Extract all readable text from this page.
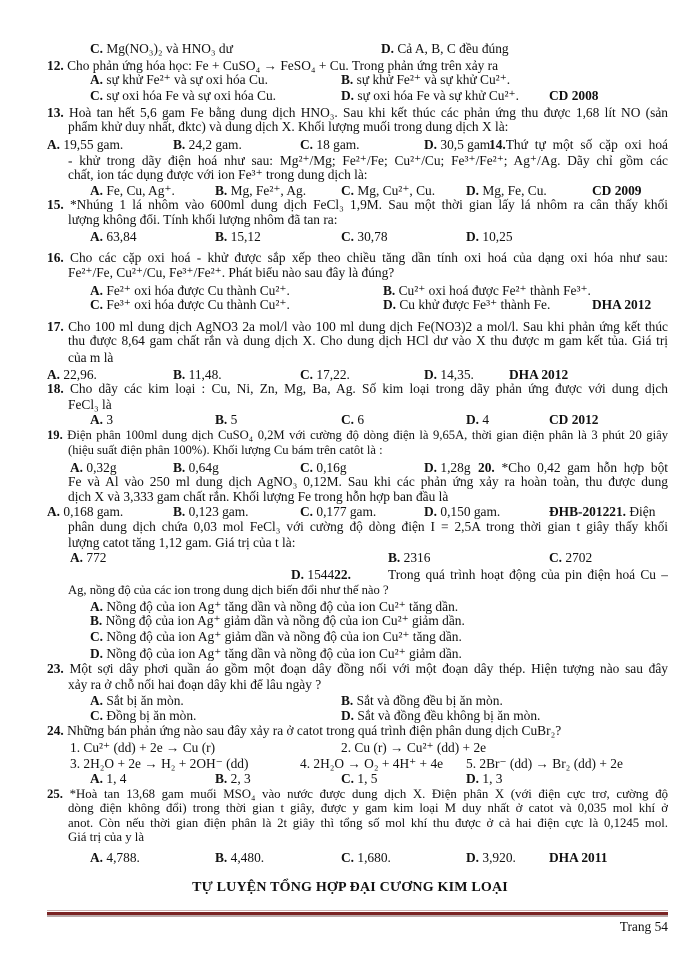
C. Mg(NO₃)₂ và HNO₃ dư	D. Cả A, B, C đều đúng
12. Cho phản ứng hóa học: Fe + CuSO₄ → FeSO₄ + Cu. Trong phản ứng trên xảy ra
A. sự khử Fe²⁺ và sự oxi hóa Cu.	B. sự khử Fe²⁺ và sự khử Cu²⁺.
C. sự oxi hóa Fe và sự oxi hóa Cu.	D. sự oxi hóa Fe và sự khử Cu²⁺. CD 2008
13. Hoà tan hết 5,6 gam Fe bằng dung dịch HNO₃. Sau khi kết thúc các phản ứng thu được 1,68 lít NO (sản
phẩm khử duy nhất, đktc) và dung dịch X. Khối lượng muối trong dung dịch X là:
A. 19,55 gam.	B. 24,2 gam.	C. 18 gam.	D. 30,5 gam
14.Thứ tự một số cặp oxi hoá
- khử trong dãy điện hoá như sau: Mg²⁺/Mg; Fe²⁺/Fe; Cu²⁺/Cu; Fe³⁺/Fe²⁺; Ag⁺/Ag. Dãy chỉ gồm các
chất, ion tác dụng được với ion Fe³⁺ trong dung dịch là:
A. Fe, Cu, Ag⁺.	B. Mg, Fe²⁺, Ag.	C. Mg, Cu²⁺, Cu. D. Mg, Fe, Cu.	CD 2009
15. *Nhúng 1 lá nhôm vào 600ml dung dịch FeCl₃ 1,9M. Sau một thời gian lấy lá nhôm ra cân thấy khối
lượng không đổi. Tính khối lượng nhôm đã tan ra:
A. 63,84	B. 15,12	C. 30,78	D. 10,25
16. Cho các cặp oxi hoá - khử được sắp xếp theo chiều tăng dần tính oxi hoá của dạng oxi hóa như sau:
Fe²⁺/Fe, Cu²⁺/Cu, Fe³⁺/Fe²⁺. Phát biểu nào sau đây là đúng?
A. Fe²⁺ oxi hóa được Cu thành Cu²⁺.	B. Cu²⁺ oxi hoá được Fe²⁺ thành Fe³⁺.
C. Fe³⁺ oxi hóa được Cu thành Cu²⁺.	D. Cu khử được Fe³⁺ thành Fe.	DHA 2012
17. Cho 100 ml dung dịch AgNO3 2a mol/l vào 100 ml dung dịch Fe(NO3)2 a mol/l. Sau khi phản ứng kết thúc
thu được 8,64 gam chất rắn và dung dịch X. Cho dung dịch HCl dư vào X thu được m gam kết tủa. Giá trị
của m là
A. 22,96.	B. 11,48.	C. 17,22.	D. 14,35.	DHA 2012
18. Cho dãy các kim loại : Cu, Ni, Zn, Mg, Ba, Ag. Số kim loại trong dãy phản ứng được với dung dịch
FeCl₃ là
A. 3	B. 5	C. 6	D. 4	CD 2012
19. Điện phân 100ml dung dịch CuSO₄ 0,2M với cường độ dòng điện là 9,65A, thời gian điện phân là 3 phút 20 giây
(hiệu suất điện phân 100%). Khối lượng Cu bám trên catôt là :
A. 0,32g	B. 0,64g	C. 0,16g	D. 1,28g 20. *Cho 0,42 gam hỗn hợp bột
Fe và Al vào 250 ml dung dịch AgNO₃ 0,12M. Sau khi các phản ứng xảy ra hoàn toàn, thu được dung
dịch X và 3,333 gam chất rắn. Khối lượng Fe trong hỗn hợp ban đầu là
A. 0,168 gam.	B. 0,123 gam.	C. 0,177 gam.	D. 0,150 gam.	ĐHB-201221. Điện
phân dung dịch chứa 0,03 mol FeCl₃ với cường độ dòng điện I = 2,5A trong thời gian t giây thấy khối
lượng catot tăng 1,12 gam. Giá trị của t là:
A. 772	B. 2316	C. 2702
D. 154422.	Trong quá trình hoạt động của pin điện hoá Cu –
Ag, nồng độ của các ion trong dung dịch biến đổi như thế nào ?
A. Nồng độ của ion Ag⁺ tăng dần và nồng độ của ion Cu²⁺ tăng dần.
B. Nồng độ của ion Ag⁺ giảm dần và nồng độ của ion Cu²⁺ giảm dần.
C. Nồng độ của ion Ag⁺ giảm dần và nồng độ của ion Cu²⁺ tăng dần.
D. Nồng độ của ion Ag⁺ tăng dần và nồng độ của ion Cu²⁺ giảm dần.
23. Một sợi dây phơi quần áo gồm một đoạn dây đồng nối với một đoạn dây thép. Hiện tượng nào sau đây
xảy ra ở chỗ nối hai đoạn dây khi để lâu ngày ?
A. Sắt bị ăn mòn.	B. Sắt và đồng đều bị ăn mòn.
C. Đồng bị ăn mòn.	D. Sắt và đồng đều không bị ăn mòn.
24. Những bán phản ứng nào sau đây xảy ra ở catot trong quá trình điện phân dung dịch CuBr₂?
1. Cu²⁺ (dd) + 2e → Cu (r)	2. Cu (r) → Cu²⁺ (dd) + 2e
3. 2H₂O + 2e → H₂ + 2OH⁻ (dd)	4. 2H₂O → O₂ + 4H⁺ + 4e 5. 2Br⁻ (dd) → Br₂ (dd) + 2e
A. 1, 4	B. 2, 3	C. 1, 5	D. 1, 3
25. *Hoà tan 13,68 gam muối MSO₄ vào nước được dung dịch X. Điện phân X (với điện cực trơ, cường độ
dòng điện không đổi) trong thời gian t giây, được y gam kim loại M duy nhất ở catot và 0,035 mol khí ở
anot. Còn nếu thời gian điện phân là 2t giây thì tổng số mol khí thu được ở cả hai điện cực là 0,1245 mol.
Giá trị của y là
A. 4,788.	B. 4,480.	C. 1,680.	D. 3,920. DHA 2011
TỰ LUYỆN TỔNG HỢP ĐẠI CƯƠNG KIM LOẠI
Trang 54
